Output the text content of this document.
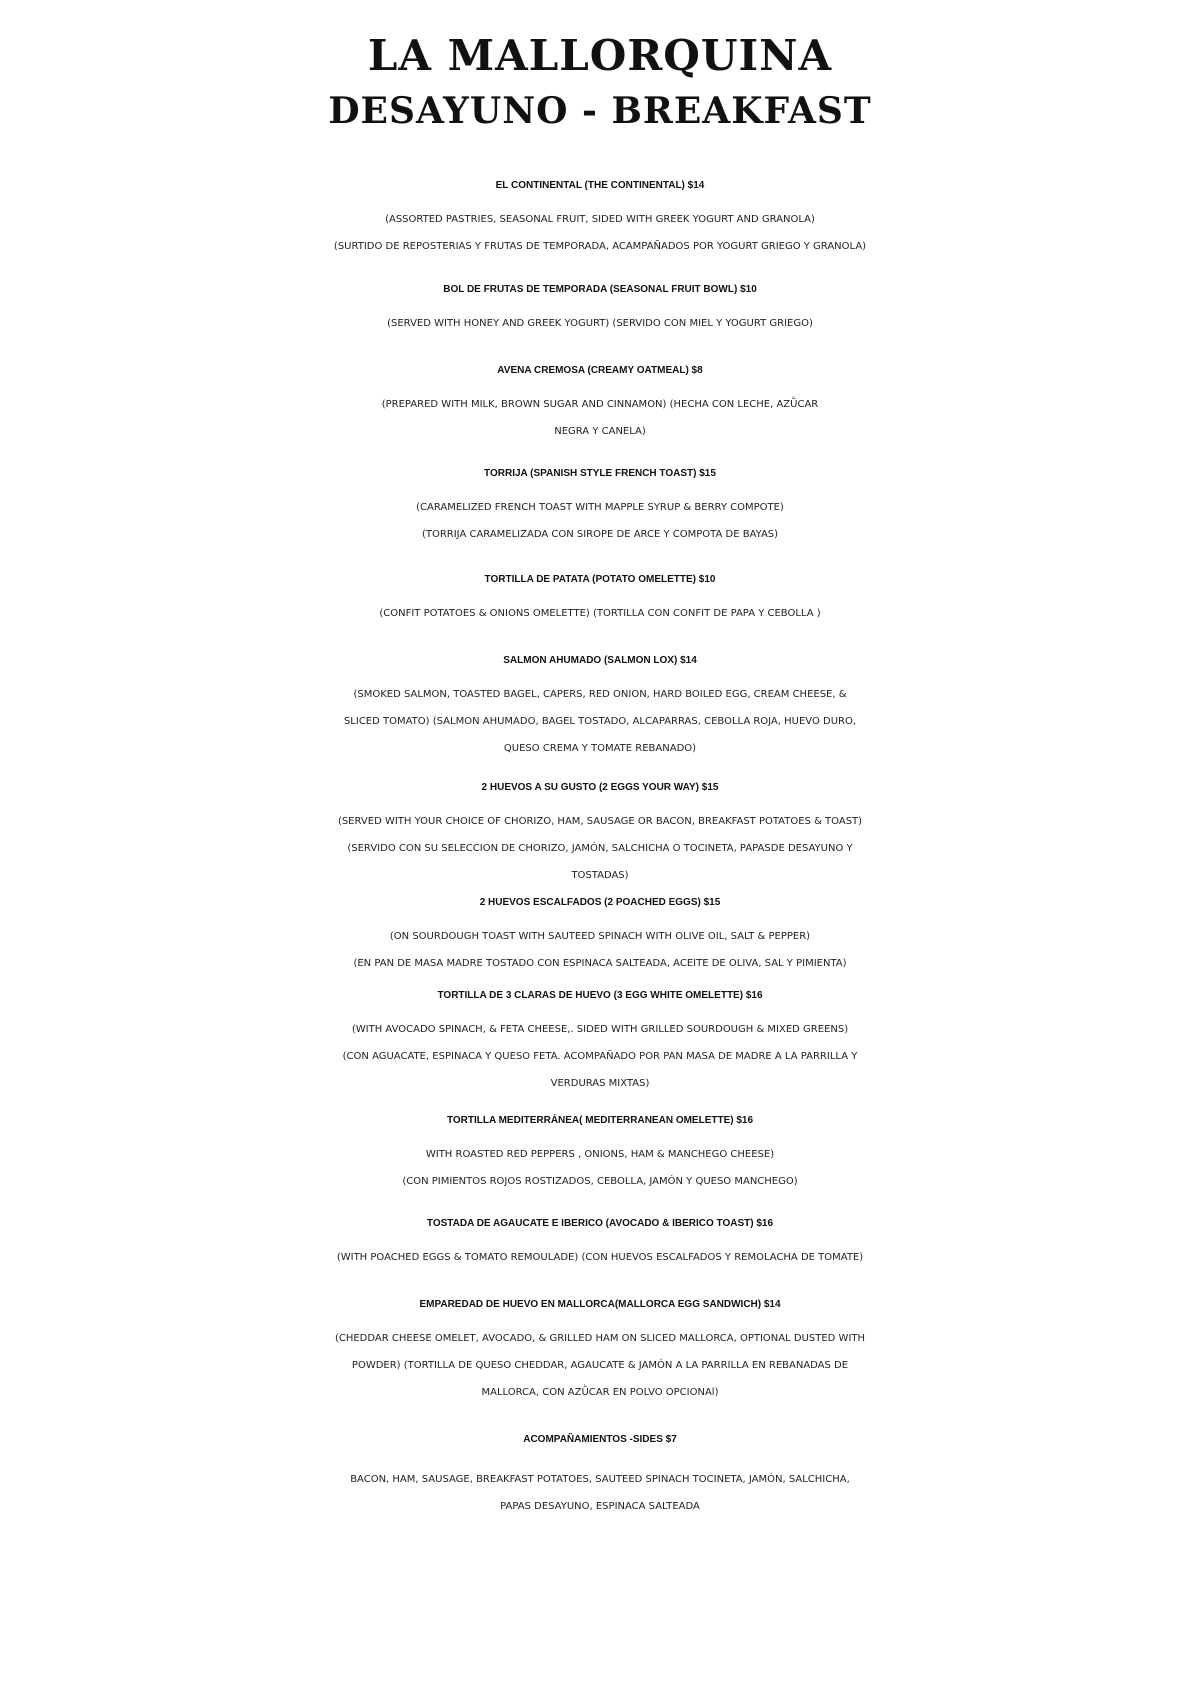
LA MALLORQUINA
DESAYUNO - BREAKFAST
EL CONTINENTAL (THE CONTINENTAL) $14
(ASSORTED PASTRIES, SEASONAL FRUIT, SIDED WITH GREEK YOGURT AND GRANOLA)
(SURTIDO DE REPOSTERIAS Y FRUTAS DE TEMPORADA, ACAMPAÑADOS POR YOGURT GRIEGO Y GRANOLA)
BOL DE FRUTAS DE TEMPORADA (SEASONAL FRUIT BOWL) $10
(SERVED WITH HONEY AND GREEK YOGURT) (SERVIDO CON MIEL Y YOGURT GRIEGO)
AVENA CREMOSA (CREAMY OATMEAL) $8
(PREPARED WITH MILK, BROWN SUGAR AND CINNAMON) (HECHA CON LECHE, AZǛCAR
NEGRA Y CANELA)
TORRIJA (SPANISH STYLE FRENCH TOAST) $15
(CARAMELIZED FRENCH TOAST WITH MAPPLE SYRUP & BERRY COMPOTE)
(TORRIJA CARAMELIZADA CON SIROPE DE ARCE Y COMPOTA DE BAYAS)
TORTILLA DE PATATA (POTATO OMELETTE) $10
(CONFIT POTATOES & ONIONS OMELETTE) (TORTILLA CON CONFIT DE PAPA Y CEBOLLA )
SALMON AHUMADO (SALMON LOX) $14
(SMOKED SALMON, TOASTED BAGEL, CAPERS, RED ONION, HARD BOILED EGG, CREAM CHEESE, &
SLICED TOMATO) (SALMON AHUMADO, BAGEL TOSTADO, ALCAPARRAS, CEBOLLA ROJA, HUEVO DURO,
QUESO CREMA Y TOMATE REBANADO)
2 HUEVOS A SU GUSTO (2 EGGS YOUR WAY) $15
(SERVED WITH YOUR CHOICE OF CHORIZO, HAM, SAUSAGE OR BACON, BREAKFAST POTATOES & TOAST)
(SERVIDO CON SU SELECCION DE CHORIZO, JAMÓN, SALCHICHA O TOCINETA, PAPASDE DESAYUNO Y
TOSTADAS)
2 HUEVOS ESCALFADOS (2 POACHED EGGS) $15
(ON SOURDOUGH TOAST WITH SAUTEED SPINACH WITH OLIVE OIL, SALT & PEPPER)
(EN PAN DE MASA MADRE TOSTADO CON ESPINACA SALTEADA, ACEITE DE OLIVA, SAL Y PIMIENTA)
TORTILLA DE 3 CLARAS DE HUEVO (3 EGG WHITE OMELETTE) $16
(WITH AVOCADO SPINACH, & FETA CHEESE,. SIDED WITH GRILLED SOURDOUGH & MIXED GREENS)
(CON AGUACATE, ESPINACA Y QUESO FETA. ACOMPAÑADO POR PAN MASA DE MADRE A LA PARRILLA Y
VERDURAS MIXTAS)
TORTILLA MEDITERRÁNEA( MEDITERRANEAN OMELETTE) $16
WITH ROASTED RED PEPPERS , ONIONS, HAM & MANCHEGO CHEESE)
(CON PIMIENTOS ROJOS ROSTIZADOS, CEBOLLA, JAMÓN Y QUESO MANCHEGO)
TOSTADA DE AGAUCATE E IBERICO (AVOCADO & IBERICO TOAST) $16
(WITH POACHED EGGS & TOMATO REMOULADE) (CON HUEVOS ESCALFADOS Y REMOLACHA DE TOMATE)
EMPAREDAD DE HUEVO EN MALLORCA(MALLORCA EGG SANDWICH) $14
(CHEDDAR CHEESE OMELET, AVOCADO, & GRILLED HAM ON SLICED MALLORCA, OPTIONAL DUSTED WITH
POWDER) (TORTILLA DE QUESO CHEDDAR, AGAUCATE & JAMÓN A LA PARRILLA EN REBANADAS DE
MALLORCA, CON AZǛCAR EN POLVO OPCIONAl)
ACOMPAÑAMIENTOS -SIDES $7
BACON, HAM, SAUSAGE, BREAKFAST POTATOES, SAUTEED SPINACH TOCINETA, JAMÓN, SALCHICHA,
PAPAS DESAYUNO, ESPINACA SALTEADA
